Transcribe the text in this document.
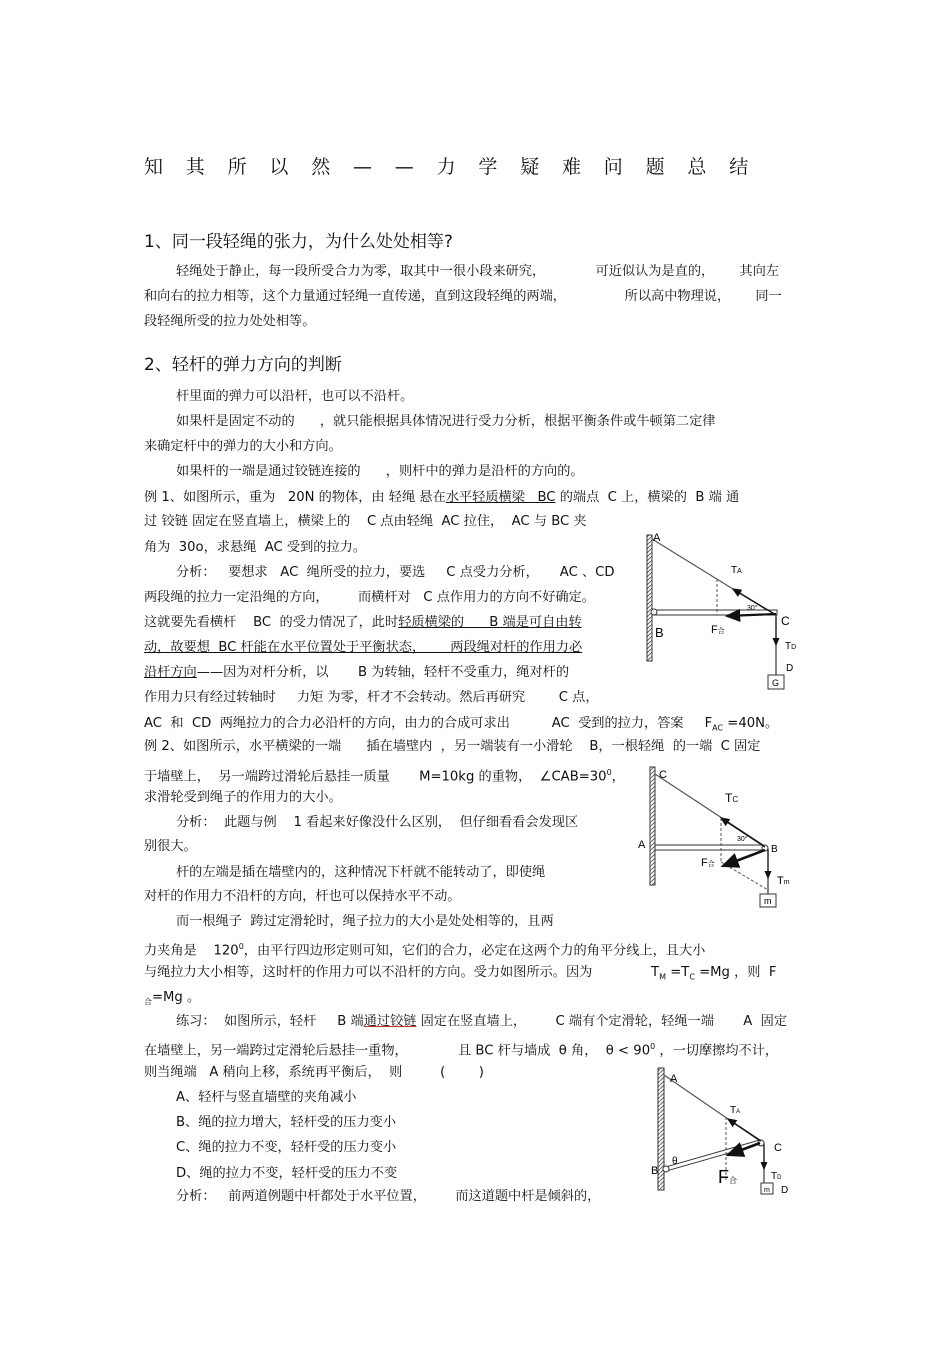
知其所以然——力学疑难问题总结
1、同一段轻绳的张力，为什么处处相等?
轻绳处于静止，每一段所受合力为零，取其中一很小段来研究，            可近似认为是直的，      其向左
和向右的拉力相等，这个力量通过轻绳一直传递，直到这段轻绳的两端，              所以高中物理说，      同一
段轻绳所受的拉力处处相等。
2、轻杆的弹力方向的判断
杆里面的弹力可以沿杆，也可以不沿杆。
如果杆是固定不动的      ，就只能根据具体情况进行受力分析，根据平衡条件或牛顿第二定律
来确定杆中的弹力的大小和方向。
如果杆的一端是通过铰链连接的      ，则杆中的弹力是沿杆的方向的。
例 1、如图所示，重为   20N 的物体，由 轻绳 悬在水平轻质横梁   BC 的端点  C 上，横梁的  B 端 通
过 铰链 固定在竖直墙上，横梁上的    C 点由轻绳  AC 拉住，  AC 与 BC 夹
角为  30o，求悬绳  AC 受到的拉力。
分析：   要想求   AC  绳所受的拉力，要选     C 点受力分析，     AC 、CD
两段绳的拉力一定沿绳的方向，       而横杆对   C 点作用力的方向不好确定。
这就要先看横杆    BC  的受力情况了，此时轻质横梁的      B 端是可自由转
动，故要想  BC 杆能在水平位置处于平衡状态，      两段绳对杆的作用力必
沿杆方向——因为对杆分析，以       B 为转轴，轻杆不受重力，绳对杆的
作用力只有经过转轴时     力矩 为零，杆才不会转动。然后再研究        C 点，
AC  和  CD  两绳拉力的合力必沿杆的方向，由力的合成可求出          AC  受到的拉力，答案     $F_{AC} =40N$。
例 2、如图所示，水平横梁的一端      插在墙壁内  ，另一端装有一小滑轮    B，一根轻绳  的一端  C 固定
于墙壁上，  另一端跨过滑轮后悬挂一质量       M=10kg 的重物，  $\angle CAB=30^0$，
求滑轮受到绳子的作用力的大小。
分析：  此题与例    1 看起来好像没什么区别，  但仔细看看会发现区
别很大。
杆的左端是插在墙壁内的，这种情况下杆就不能转动了，即使绳
对杆的作用力不沿杆的方向，杆也可以保持水平不动。
而一根绳子  跨过定滑轮时，绳子拉力的大小是处处相等的，且两
力夹角是    $120^0$，由平行四边形定则可知，它们的合力，必定在这两个力的角平分线上，且大小
与绳拉力大小相等，这时杆的作用力可以不沿杆的方向。受力如图所示。因为              $T_M =T_C =Mg$ ，则  F
$_合$=Mg 。
练习：  如图所示，轻杆     B 端通过铰链 固定在竖直墙上，       C 端有个定滑轮，轻绳一端       A  固定
在墙壁上，另一端跨过定滑轮后悬挂一重物，            且 BC 杆与墙成  θ 角，  $\theta < 90^0$ ，一切摩擦均不计，
则当绳端   A 稍向上移，系统再平衡后，  则         (        )
A、轻杆与竖直墙壁的夹角减小
B、绳的拉力增大，轻杆受的压力变小
C、绳的拉力不变，轻杆受的压力变小
D、绳的拉力不变，轻杆受的压力不变
分析：   前两道例题中杆都处于水平位置，       而这道题中杆是倾斜的，
A
B
C
D
G
TA
TD
F合
30°
C
A	B
m
TC
Tm
F合
30°
A
B
C
D
m
θ
TA
TD
F合
